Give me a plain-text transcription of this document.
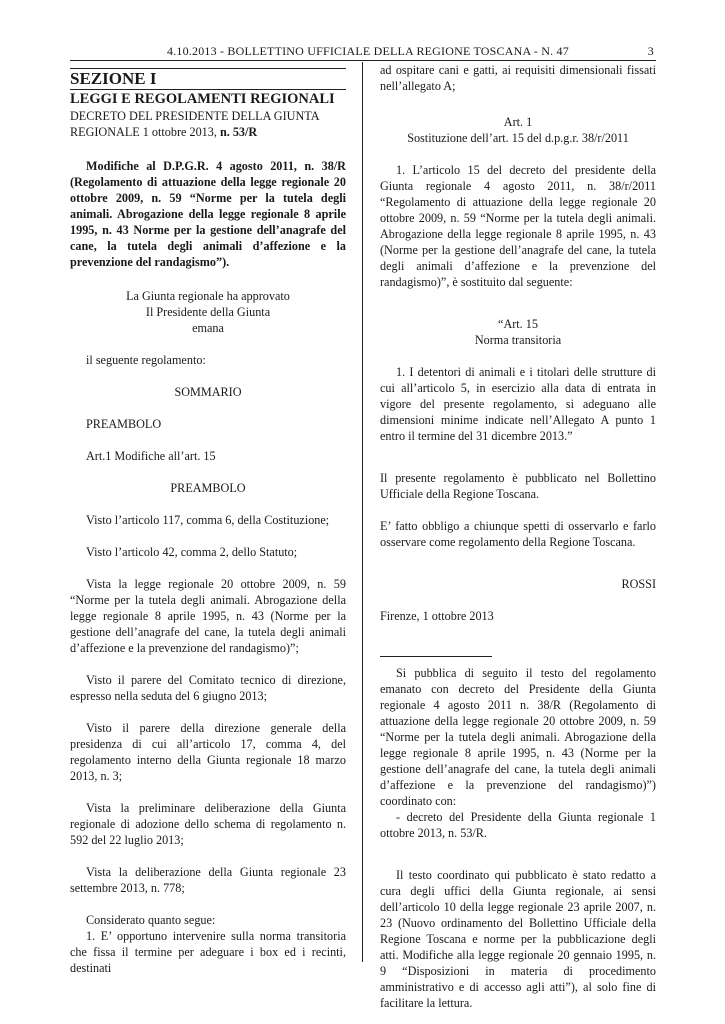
4.10.2013 - BOLLETTINO UFFICIALE DELLA REGIONE TOSCANA - N. 47	3

SEZIONE I

LEGGI E REGOLAMENTI REGIONALI

DECRETO DEL PRESIDENTE DELLA GIUNTA REGIONALE 1 ottobre 2013, n. 53/R

Modifiche al D.P.G.R. 4 agosto 2011, n. 38/R (Regolamento di attuazione della legge regionale 20 ottobre 2009, n. 59 “Norme per la tutela degli animali. Abrogazione della legge regionale 8 aprile 1995, n. 43 Norme per la gestione dell’anagrafe del cane, la tutela degli animali d’affezione e la prevenzione del randagismo”).

La Giunta regionale ha approvato

Il Presidente della Giunta

emana

il seguente regolamento:

SOMMARIO

PREAMBOLO

Art.1 Modifiche all’art. 15

PREAMBOLO

Visto l’articolo 117, comma 6, della Costituzione;

Visto l’articolo 42, comma 2, dello Statuto;

Vista la legge regionale 20 ottobre 2009, n. 59 “Norme per la tutela degli animali. Abrogazione della legge regionale 8 aprile 1995, n. 43 (Norme per la gestione dell’anagrafe del cane, la tutela degli animali d’affezione e la prevenzione del randagismo)”;

Visto il parere del Comitato tecnico di direzione, espresso nella seduta del 6 giugno 2013;

Visto il parere della direzione generale della presidenza di cui all’articolo 17, comma 4, del regolamento interno della Giunta regionale 18 marzo 2013, n. 3;

Vista la preliminare deliberazione della Giunta regionale di adozione dello schema di regolamento n. 592 del 22 luglio 2013;

Vista la deliberazione della Giunta regionale 23 settembre 2013, n. 778;

Considerato quanto segue:

1. E’ opportuno intervenire sulla norma transitoria che fissa il termine per adeguare i box ed i recinti, destinati

ad ospitare cani e gatti, ai requisiti dimensionali fissati nell’allegato A;

Art. 1

Sostituzione dell’art. 15 del d.p.g.r. 38/r/2011

1. L’articolo 15 del decreto del presidente della Giunta regionale 4 agosto 2011, n. 38/r/2011 “Regolamento di attuazione della legge regionale 20 ottobre 2009, n. 59 “Norme per la tutela degli animali. Abrogazione della legge regionale 8 aprile 1995, n. 43 (Norme per la gestione dell’anagrafe del cane, la tutela degli animali d’affezione e la prevenzione del randagismo)”, è sostituito dal seguente:

“Art. 15

Norma transitoria

1. I detentori di animali e i titolari delle strutture di cui all’articolo 5, in esercizio alla data di entrata in vigore del presente regolamento, si adeguano alle dimensioni minime indicate nell’Allegato A punto 1 entro il termine del 31 dicembre 2013.”

Il presente regolamento è pubblicato nel Bollettino Ufficiale della Regione Toscana.

E’ fatto obbligo a chiunque spetti di osservarlo e farlo osservare come regolamento della Regione Toscana.

ROSSI

Firenze, 1 ottobre 2013

Si pubblica di seguito il testo del regolamento emanato con decreto del Presidente della Giunta regionale 4 agosto 2011 n. 38/R (Regolamento di attuazione della legge regionale 20 ottobre 2009, n. 59 “Norme per la tutela degli animali. Abrogazione della legge regionale 8 aprile 1995, n. 43 (Norme per la gestione dell’anagrafe del cane, la tutela degli animali d’affezione e la prevenzione del randagismo)”) coordinato con:

- decreto del Presidente della Giunta regionale 1 ottobre 2013, n. 53/R.

Il testo coordinato qui pubblicato è stato redatto a cura degli uffici della Giunta regionale, ai sensi dell’articolo 10 della legge regionale 23 aprile 2007, n. 23 (Nuovo ordinamento del Bollettino Ufficiale della Regione Toscana e norme per la pubblicazione degli atti. Modifiche alla legge regionale 20 gennaio 1995, n. 9 “Disposizioni in materia di procedimento amministrativo e di accesso agli atti”), al solo fine di facilitare la lettura.
